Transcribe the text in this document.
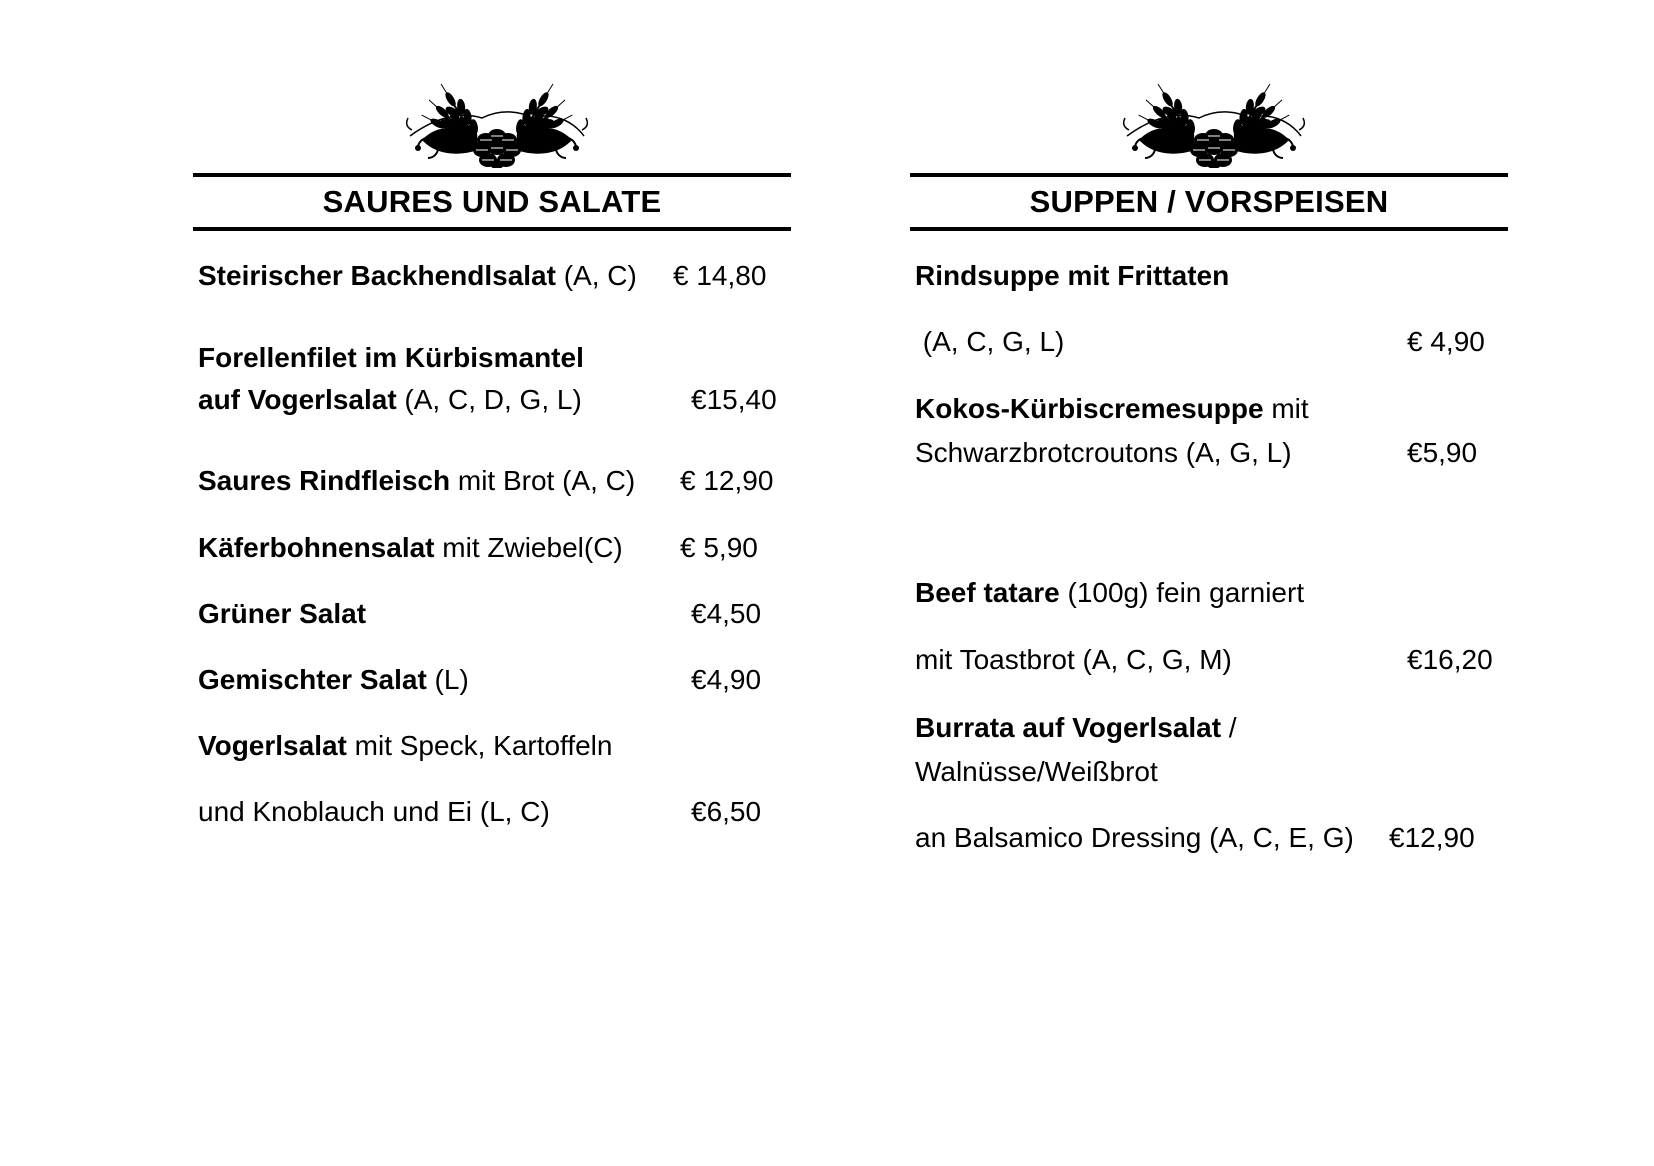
SAURES UND SALATE
Steirischer Backhendlsalat (A, C) € 14,80
Forellenfilet im Kürbismantel
auf Vogerlsalat (A, C, D, G, L)	€15,40
Saures Rindfleisch mit Brot (A, C) € 12,90
Käferbohnensalat mit Zwiebel(C) € 5,90
Grüner Salat	€4,50
Gemischter Salat (L)	€4,90
Vogerlsalat mit Speck, Kartoffeln
und Knoblauch und Ei (L, C)	€6,50
SUPPEN / VORSPEISEN
Rindsuppe mit Frittaten
(A, C, G, L)	€ 4,90
Kokos-Kürbiscremesuppe mit
Schwarzbrotcroutons (A, G, L)	€5,90
Beef tatare (100g) fein garniert
mit Toastbrot (A, C, G, M)	€16,20
Burrata auf Vogerlsalat /
Walnüsse/Weißbrot
an Balsamico Dressing (A, C, E, G) €12,90
